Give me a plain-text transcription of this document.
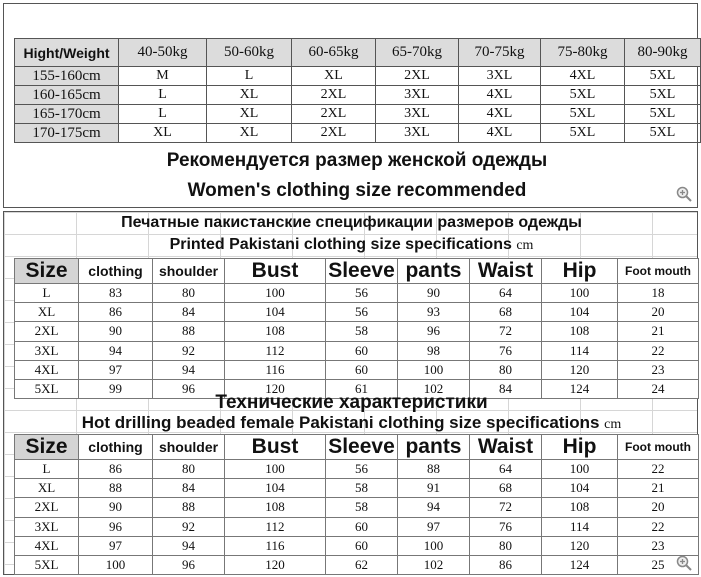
Hight/Weight	40-50kg	50-60kg	60-65kg	65-70kg	70-75kg	75-80kg	80-90kg
155-160cm	M	L	XL	2XL	3XL	4XL	5XL
160-165cm	L	XL	2XL	3XL	4XL	5XL	5XL
165-170cm	L	XL	2XL	3XL	4XL	5XL	5XL
170-175cm	XL	XL	2XL	3XL	4XL	5XL	5XL
Рекомендуется размер женской одежды
Women's clothing size recommended
Печатные пакистанские спецификации размеров одежды
Printed Pakistani clothing size specifications cm
Size	clothing	shoulder	Bust	Sleeve	pants	Waist	Hip	Foot mouth
L	83	80	100	56	90	64	100	18
XL	86	84	104	56	93	68	104	20
2XL	90	88	108	58	96	72	108	21
3XL	94	92	112	60	98	76	114	22
4XL	97	94	116	60	100	80	120	23
5XL	99	96	120	61	102	84	124	24
Технические характеристики
Hot drilling beaded female Pakistani clothing size specifications cm
Size	clothing	shoulder	Bust	Sleeve	pants	Waist	Hip	Foot mouth
L	86	80	100	56	88	64	100	22
XL	88	84	104	58	91	68	104	21
2XL	90	88	108	58	94	72	108	20
3XL	96	92	112	60	97	76	114	22
4XL	97	94	116	60	100	80	120	23
5XL	100	96	120	62	102	86	124	25
